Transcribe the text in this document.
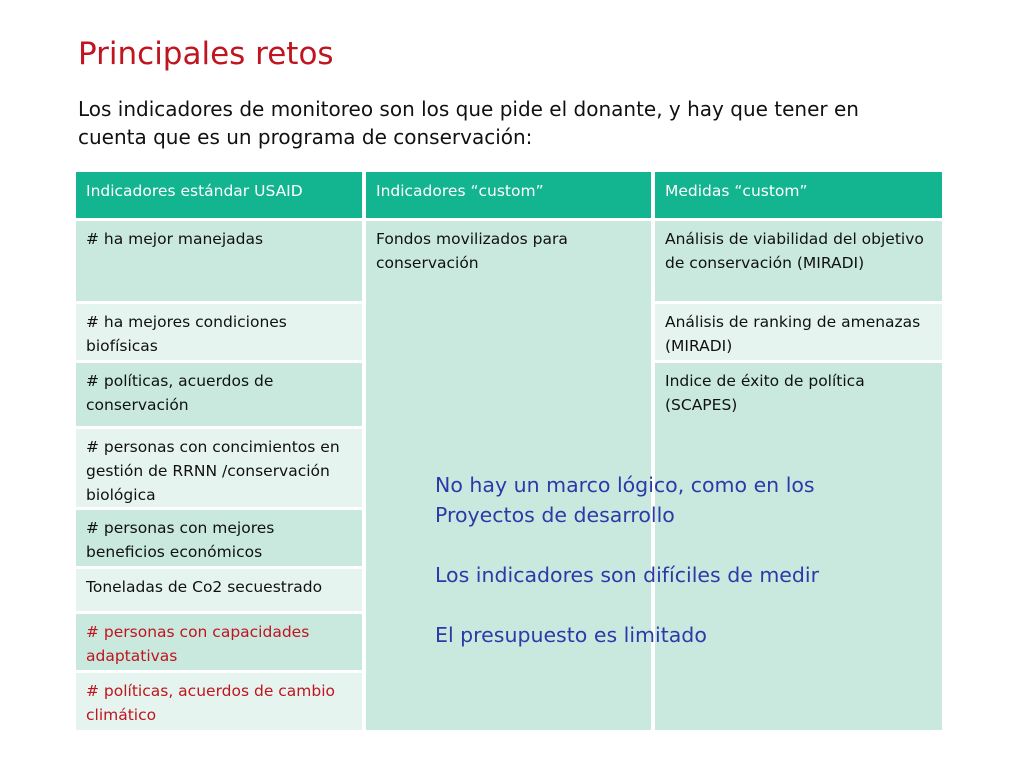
Principales retos
Los indicadores de monitoreo son los que pide el donante, y hay que tener en cuenta que es un programa de conservación:
Indicadores estándar USAID	Indicadores “custom”	Medidas “custom”
# ha mejor manejadas
# ha mejores condiciones biofísicas
# políticas, acuerdos de conservación
# personas con concimientos en gestión de RRNN /conservación biológica
# personas con mejores beneficios económicos
Toneladas de Co2 secuestrado
# personas con capacidades adaptativas
# políticas, acuerdos de cambio climático
Fondos movilizados para conservación
Análisis de viabilidad del objetivo de conservación (MIRADI)
Análisis de ranking de amenazas (MIRADI)
Indice de éxito de política (SCAPES)
No hay un marco lógico, como en los
Proyectos de desarrollo
Los indicadores son difíciles de medir
El presupuesto es limitado
